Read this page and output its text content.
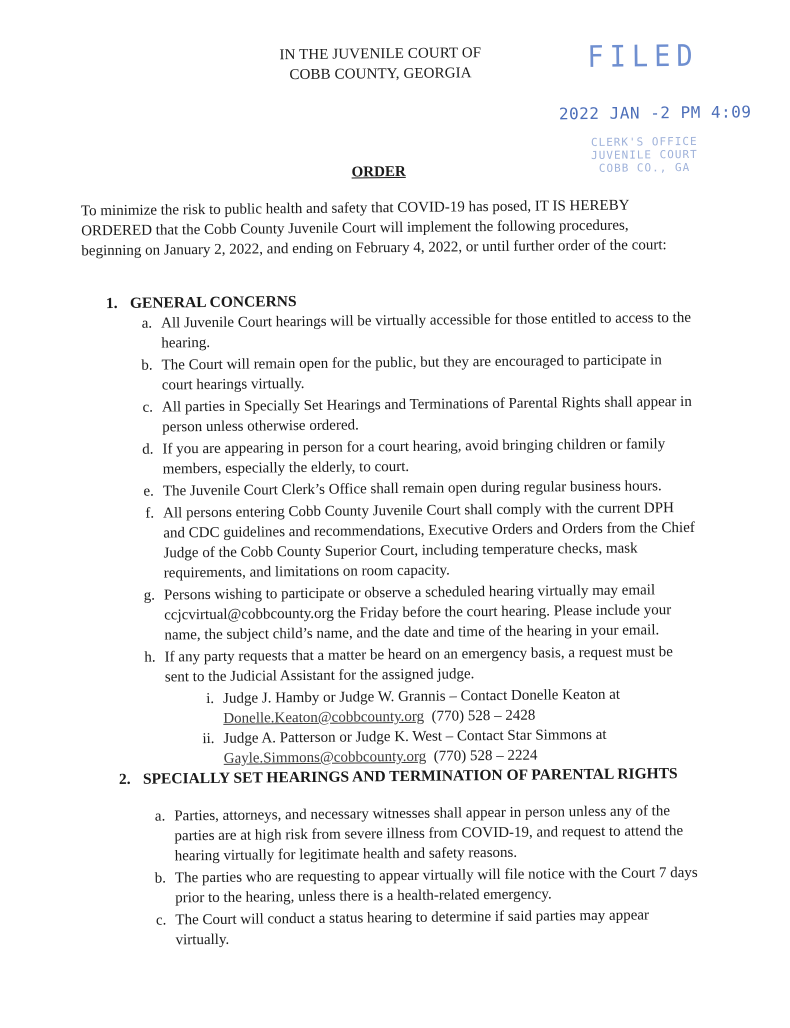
IN THE JUVENILE COURT OF
COBB COUNTY, GEORGIA	FILED
2022 JAN -2 PM 4:09
CLERK'S OFFICE
JUVENILE COURT
COBB CO., GA
ORDER
To minimize the risk to public health and safety that COVID-19 has posed, IT IS HEREBY ORDERED that the Cobb County Juvenile Court will implement the following procedures, beginning on January 2, 2022, and ending on February 4, 2022, or until further order of the court:
1. GENERAL CONCERNS
a. All Juvenile Court hearings will be virtually accessible for those entitled to access to the hearing.
b. The Court will remain open for the public, but they are encouraged to participate in court hearings virtually.
c. All parties in Specially Set Hearings and Terminations of Parental Rights shall appear in person unless otherwise ordered.
d. If you are appearing in person for a court hearing, avoid bringing children or family members, especially the elderly, to court.
e. The Juvenile Court Clerk’s Office shall remain open during regular business hours.
f. All persons entering Cobb County Juvenile Court shall comply with the current DPH and CDC guidelines and recommendations, Executive Orders and Orders from the Chief Judge of the Cobb County Superior Court, including temperature checks, mask requirements, and limitations on room capacity.
g. Persons wishing to participate or observe a scheduled hearing virtually may email ccjcvirtual@cobbcounty.org the Friday before the court hearing. Please include your name, the subject child’s name, and the date and time of the hearing in your email.
h. If any party requests that a matter be heard on an emergency basis, a request must be sent to the Judicial Assistant for the assigned judge.
i. Judge J. Hamby or Judge W. Grannis – Contact Donelle Keaton at
Donelle.Keaton@cobbcounty.org (770) 528 – 2428
ii. Judge A. Patterson or Judge K. West – Contact Star Simmons at
Gayle.Simmons@cobbcounty.org (770) 528 – 2224
2. SPECIALLY SET HEARINGS AND TERMINATION OF PARENTAL RIGHTS
a. Parties, attorneys, and necessary witnesses shall appear in person unless any of the parties are at high risk from severe illness from COVID-19, and request to attend the hearing virtually for legitimate health and safety reasons.
b. The parties who are requesting to appear virtually will file notice with the Court 7 days prior to the hearing, unless there is a health-related emergency.
c. The Court will conduct a status hearing to determine if said parties may appear virtually.
